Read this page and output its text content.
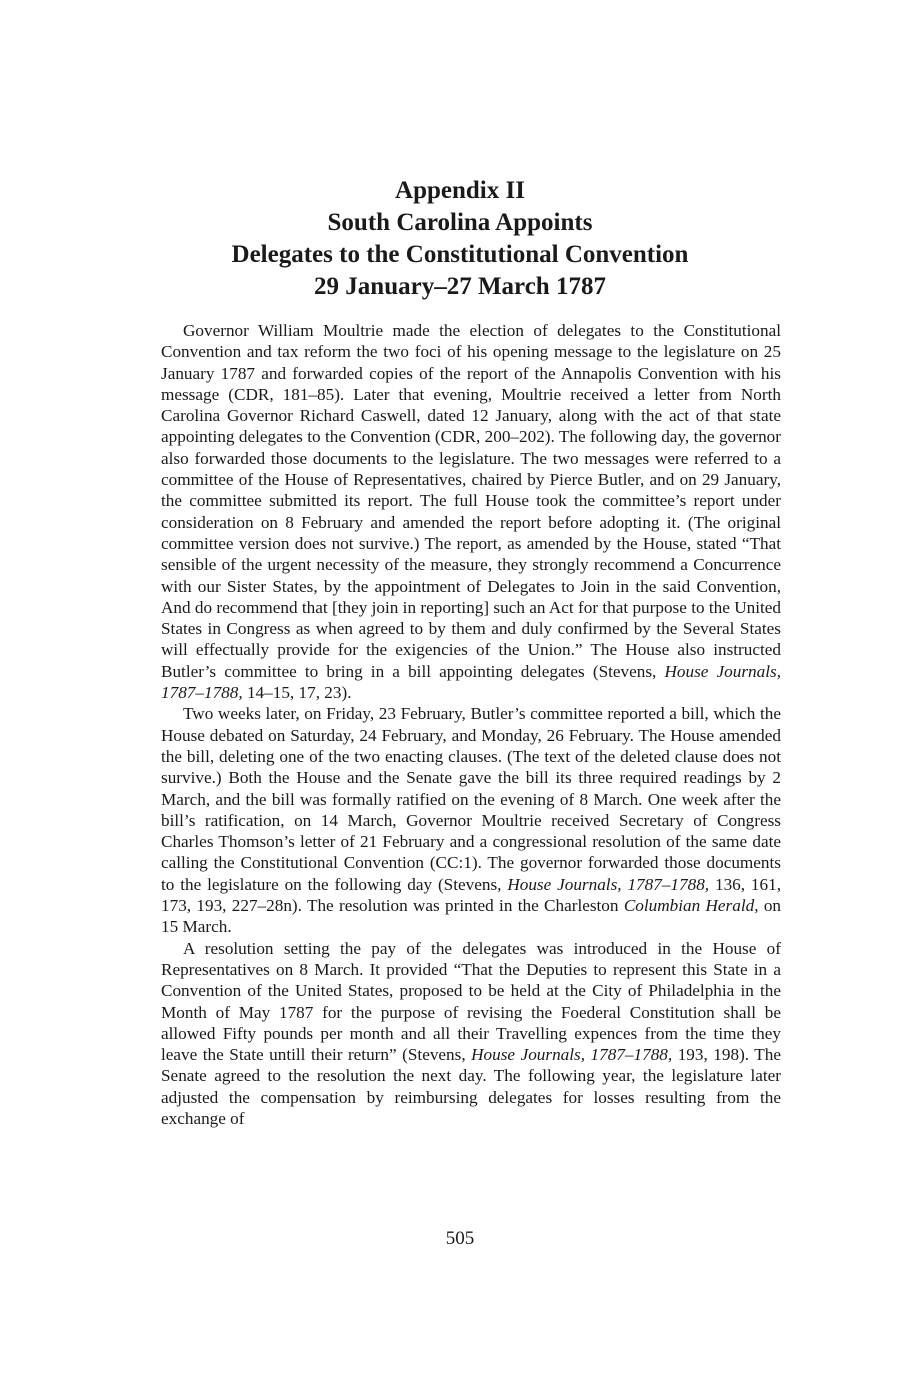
Appendix II
South Carolina Appoints
Delegates to the Constitutional Convention
29 January–27 March 1787

Governor William Moultrie made the election of delegates to the Constitutional Convention and tax reform the two foci of his opening message to the legislature on 25 January 1787 and forwarded copies of the report of the Annapolis Convention with his message (CDR, 181–85). Later that evening, Moultrie received a letter from North Carolina Governor Richard Caswell, dated 12 January, along with the act of that state appointing delegates to the Convention (CDR, 200–202). The following day, the governor also forwarded those documents to the legislature. The two messages were referred to a committee of the House of Representatives, chaired by Pierce Butler, and on 29 January, the committee submitted its report. The full House took the committee’s report under consideration on 8 February and amended the report before adopting it. (The original committee version does not survive.) The report, as amended by the House, stated “That sensible of the urgent necessity of the measure, they strongly recommend a Concurrence with our Sister States, by the appointment of Delegates to Join in the said Convention, And do recommend that [they join in reporting] such an Act for that purpose to the United States in Congress as when agreed to by them and duly confirmed by the Several States will effectually provide for the exigencies of the Union.” The House also instructed Butler’s committee to bring in a bill appointing delegates (Stevens, House Journals, 1787–1788, 14–15, 17, 23).

Two weeks later, on Friday, 23 February, Butler’s committee reported a bill, which the House debated on Saturday, 24 February, and Monday, 26 February. The House amended the bill, deleting one of the two enacting clauses. (The text of the deleted clause does not survive.) Both the House and the Senate gave the bill its three required readings by 2 March, and the bill was formally ratified on the evening of 8 March. One week after the bill’s ratification, on 14 March, Governor Moultrie received Secretary of Congress Charles Thomson’s letter of 21 February and a congressional resolution of the same date calling the Constitutional Convention (CC:1). The governor forwarded those documents to the legislature on the following day (Stevens, House Journals, 1787–1788, 136, 161, 173, 193, 227–28n). The resolution was printed in the Charleston Columbian Herald, on 15 March.

A resolution setting the pay of the delegates was introduced in the House of Representatives on 8 March. It provided “That the Deputies to represent this State in a Convention of the United States, proposed to be held at the City of Philadelphia in the Month of May 1787 for the purpose of revising the Foederal Constitution shall be allowed Fifty pounds per month and all their Travelling expences from the time they leave the State untill their return” (Stevens, House Journals, 1787–1788, 193, 198). The Senate agreed to the resolution the next day. The following year, the legislature later adjusted the compensation by reimbursing delegates for losses resulting from the exchange of

505
